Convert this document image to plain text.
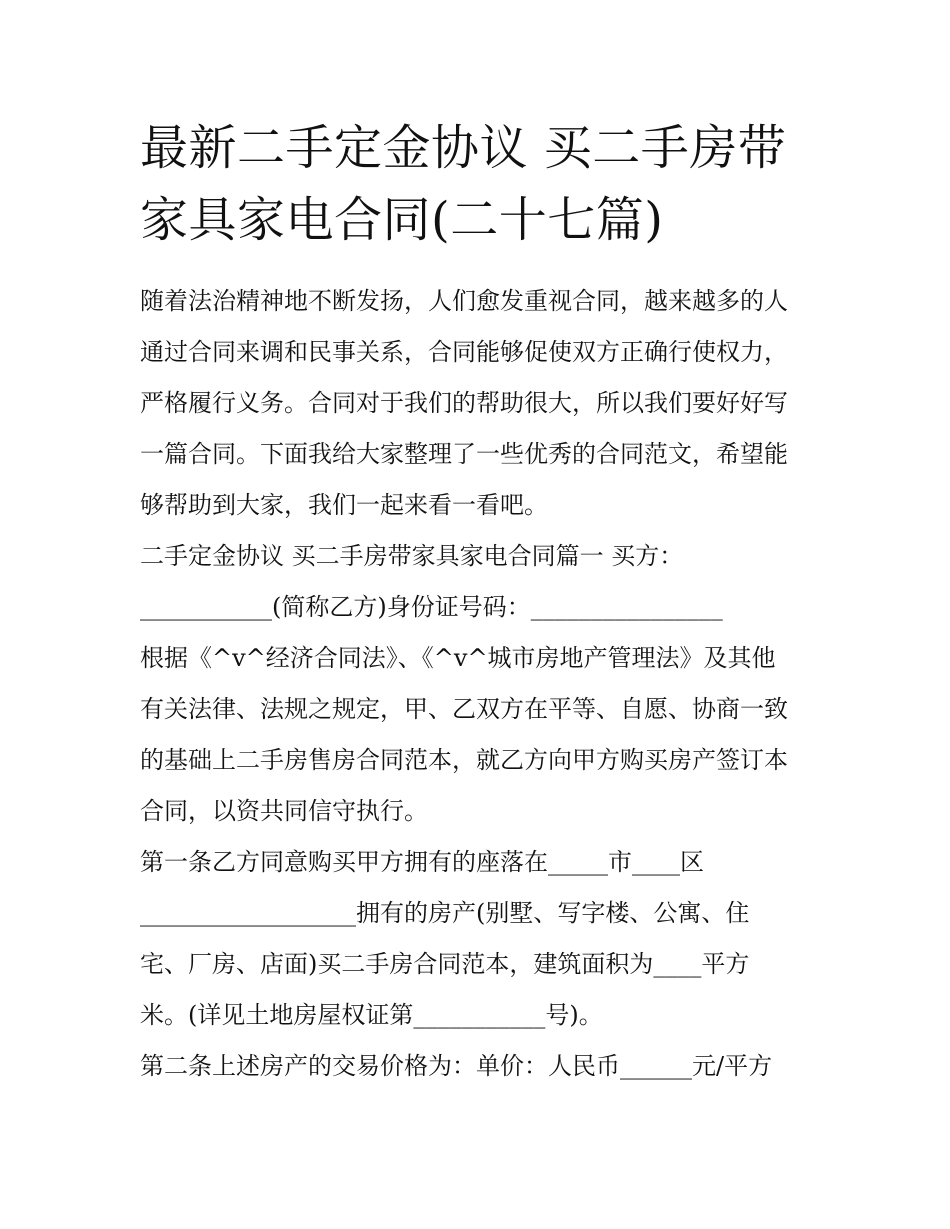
最新二手定金协议 买二手房带
家具家电合同(二十七篇)
随着法治精神地不断发扬，人们愈发重视合同，越来越多的人
通过合同来调和民事关系，合同能够促使双方正确行使权力，
严格履行义务。合同对于我们的帮助很大，所以我们要好好写
一篇合同。下面我给大家整理了一些优秀的合同范文，希望能
够帮助到大家，我们一起来看一看吧。
二手定金协议 买二手房带家具家电合同篇一 买方：
___________(简称乙方)身份证号码：________________
根据《^v^经济合同法》、《^v^城市房地产管理法》及其他
有关法律、法规之规定，甲、乙双方在平等、自愿、协商一致
的基础上二手房售房合同范本，就乙方向甲方购买房产签订本
合同，以资共同信守执行。
第一条乙方同意购买甲方拥有的座落在_____市____区
__________________拥有的房产(别墅、写字楼、公寓、住
宅、厂房、店面)买二手房合同范本，建筑面积为____平方
米。(详见土地房屋权证第___________号)。
第二条上述房产的交易价格为：单价：人民币______元/平方
